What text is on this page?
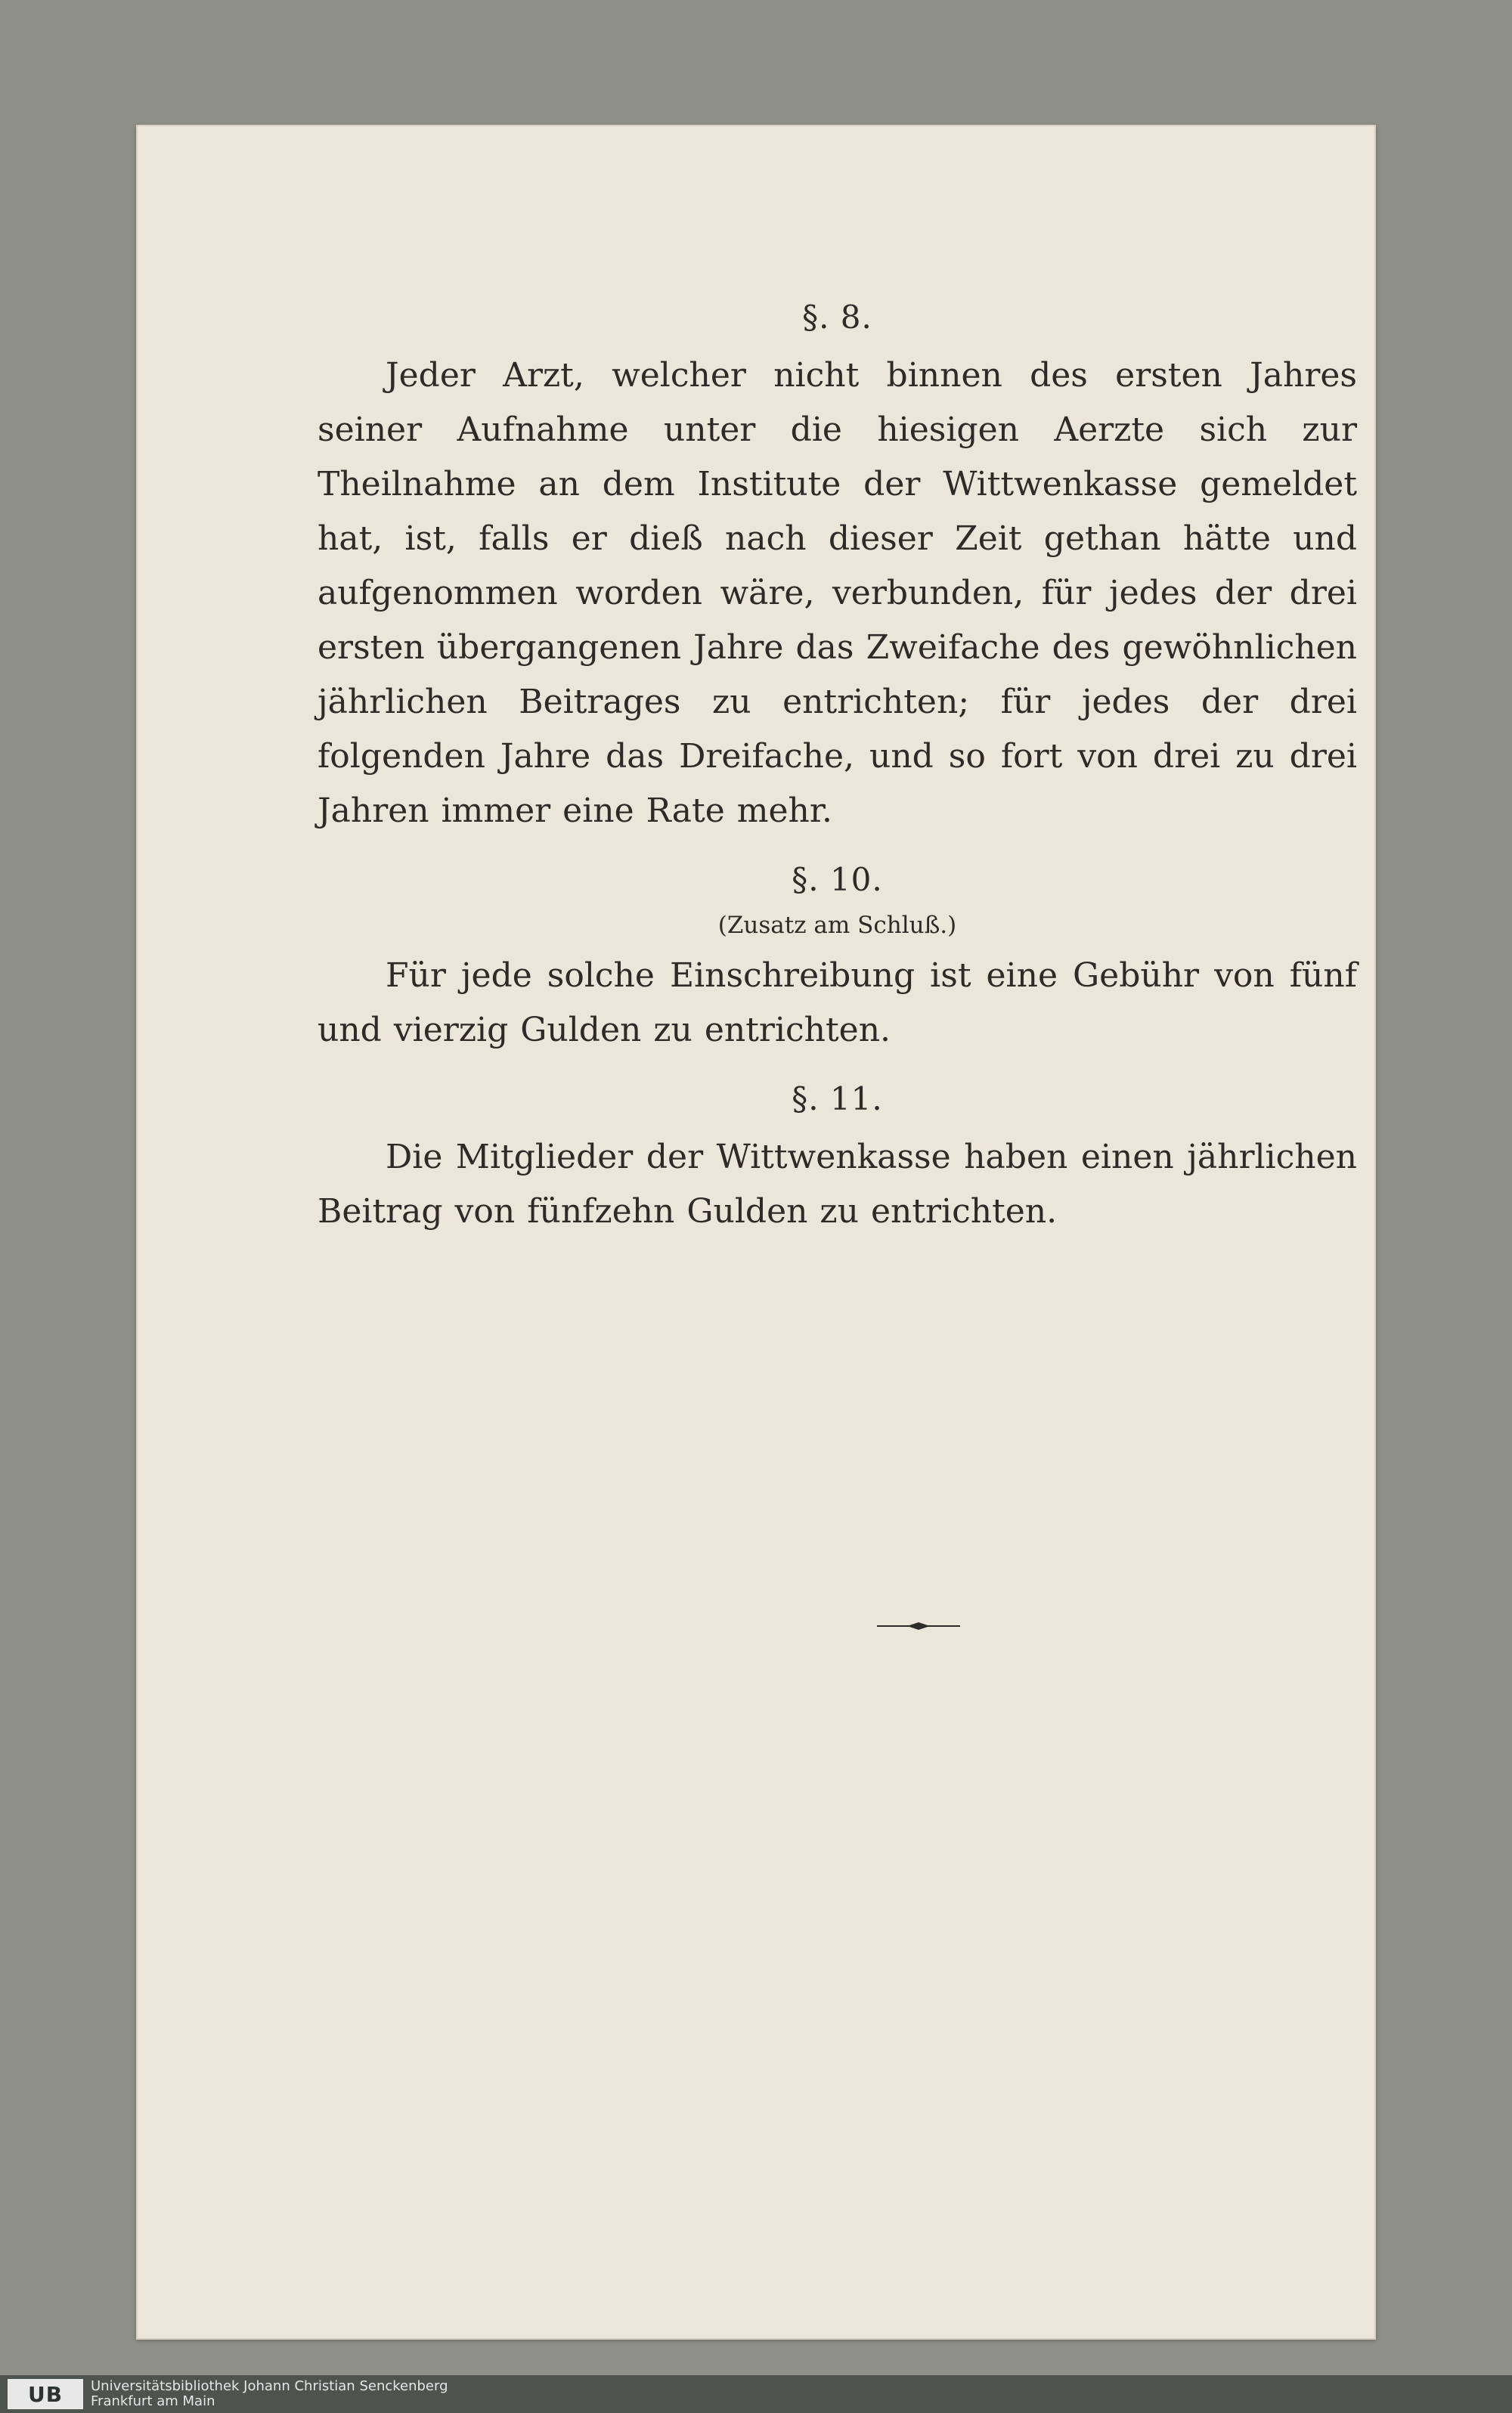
§. 8.

Jeder Arzt, welcher nicht binnen des ersten Jahres seiner Aufnahme unter die hiesigen Aerzte sich zur Theilnahme an dem Institute der Wittwenkasse gemeldet hat, ist, falls er dieß nach dieser Zeit gethan hätte und aufgenommen worden wäre, verbunden, für jedes der drei ersten übergangenen Jahre das Zweifache des gewöhnlichen jährlichen Beitrages zu entrichten; für jedes der drei folgenden Jahre das Dreifache, und so fort von drei zu drei Jahren immer eine Rate mehr.

§. 10.
(Zusatz am Schluß.)

Für jede solche Einschreibung ist eine Gebühr von fünf und vierzig Gulden zu entrichten.

§. 11.

Die Mitglieder der Wittwenkasse haben einen jährlichen Beitrag von fünfzehn Gulden zu entrichten.

UB	Universitätsbibliothek Johann Christian Senckenberg
Frankfurt am Main
